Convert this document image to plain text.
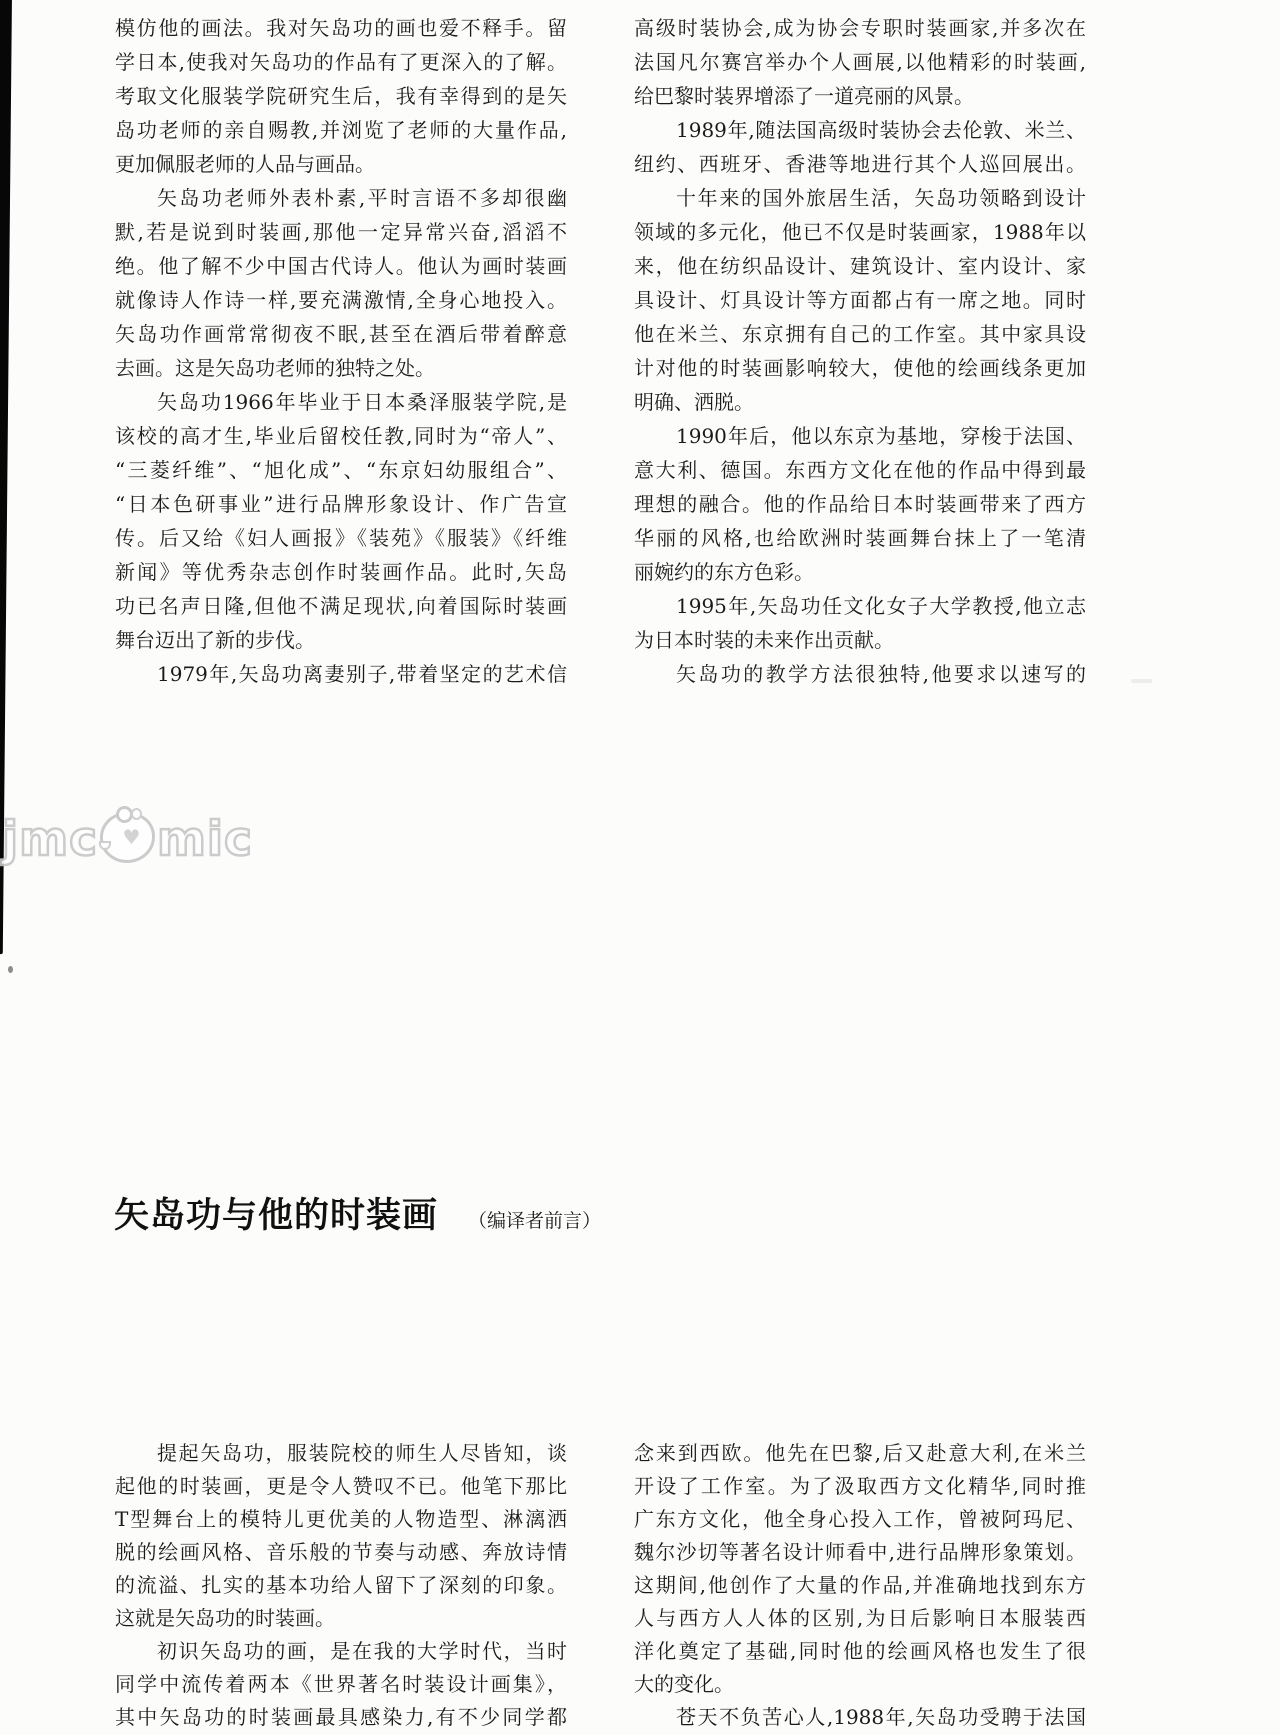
模仿他的画法。我对矢岛功的画也爱不释手。留
学日本,使我对矢岛功的作品有了更深入的了解。
考取文化服装学院研究生后，我有幸得到的是矢
岛功老师的亲自赐教,并浏览了老师的大量作品,
更加佩服老师的人品与画品。
矢岛功老师外表朴素,平时言语不多却很幽
默,若是说到时装画,那他一定异常兴奋,滔滔不
绝。他了解不少中国古代诗人。他认为画时装画
就像诗人作诗一样,要充满激情,全身心地投入。
矢岛功作画常常彻夜不眠,甚至在酒后带着醉意
去画。这是矢岛功老师的独特之处。
矢岛功1966年毕业于日本桑泽服装学院,是
该校的高才生,毕业后留校任教,同时为“帝人”、
“三菱纤维”、“旭化成”、“东京妇幼服组合”、
“日本色研事业”进行品牌形象设计、作广告宣
传。后又给《妇人画报》《装苑》《服装》《纤维
新闻》等优秀杂志创作时装画作品。此时,矢岛
功已名声日隆,但他不满足现状,向着国际时装画
舞台迈出了新的步伐。
1979年,矢岛功离妻别子,带着坚定的艺术信
高级时装协会,成为协会专职时装画家,并多次在
法国凡尔赛宫举办个人画展,以他精彩的时装画,
给巴黎时装界增添了一道亮丽的风景。
1989年,随法国高级时装协会去伦敦、米兰、
纽约、西班牙、香港等地进行其个人巡回展出。
十年来的国外旅居生活，矢岛功领略到设计
领域的多元化，他已不仅是时装画家，1988年以
来，他在纺织品设计、建筑设计、室内设计、家
具设计、灯具设计等方面都占有一席之地。同时
他在米兰、东京拥有自己的工作室。其中家具设
计对他的时装画影响较大，使他的绘画线条更加
明确、洒脱。
1990年后，他以东京为基地，穿梭于法国、
意大利、德国。东西方文化在他的作品中得到最
理想的融合。他的作品给日本时装画带来了西方
华丽的风格,也给欧洲时装画舞台抹上了一笔清
丽婉约的东方色彩。
1995年,矢岛功任文化女子大学教授,他立志
为日本时装的未来作出贡献。
矢岛功的教学方法很独特,他要求以速写的
jmc ♥ mic
矢岛功与他的时装画 （编译者前言）
提起矢岛功，服装院校的师生人尽皆知，谈
起他的时装画，更是令人赞叹不已。他笔下那比
T型舞台上的模特儿更优美的人物造型、淋漓洒
脱的绘画风格、音乐般的节奏与动感、奔放诗情
的流溢、扎实的基本功给人留下了深刻的印象。
这就是矢岛功的时装画。
初识矢岛功的画，是在我的大学时代，当时
同学中流传着两本《世界著名时装设计画集》，
其中矢岛功的时装画最具感染力,有不少同学都
念来到西欧。他先在巴黎,后又赴意大利,在米兰
开设了工作室。为了汲取西方文化精华,同时推
广东方文化，他全身心投入工作，曾被阿玛尼、
魏尔沙切等著名设计师看中,进行品牌形象策划。
这期间,他创作了大量的作品,并准确地找到东方
人与西方人人体的区别,为日后影响日本服装西
洋化奠定了基础,同时他的绘画风格也发生了很
大的变化。
苍天不负苦心人,1988年,矢岛功受聘于法国
